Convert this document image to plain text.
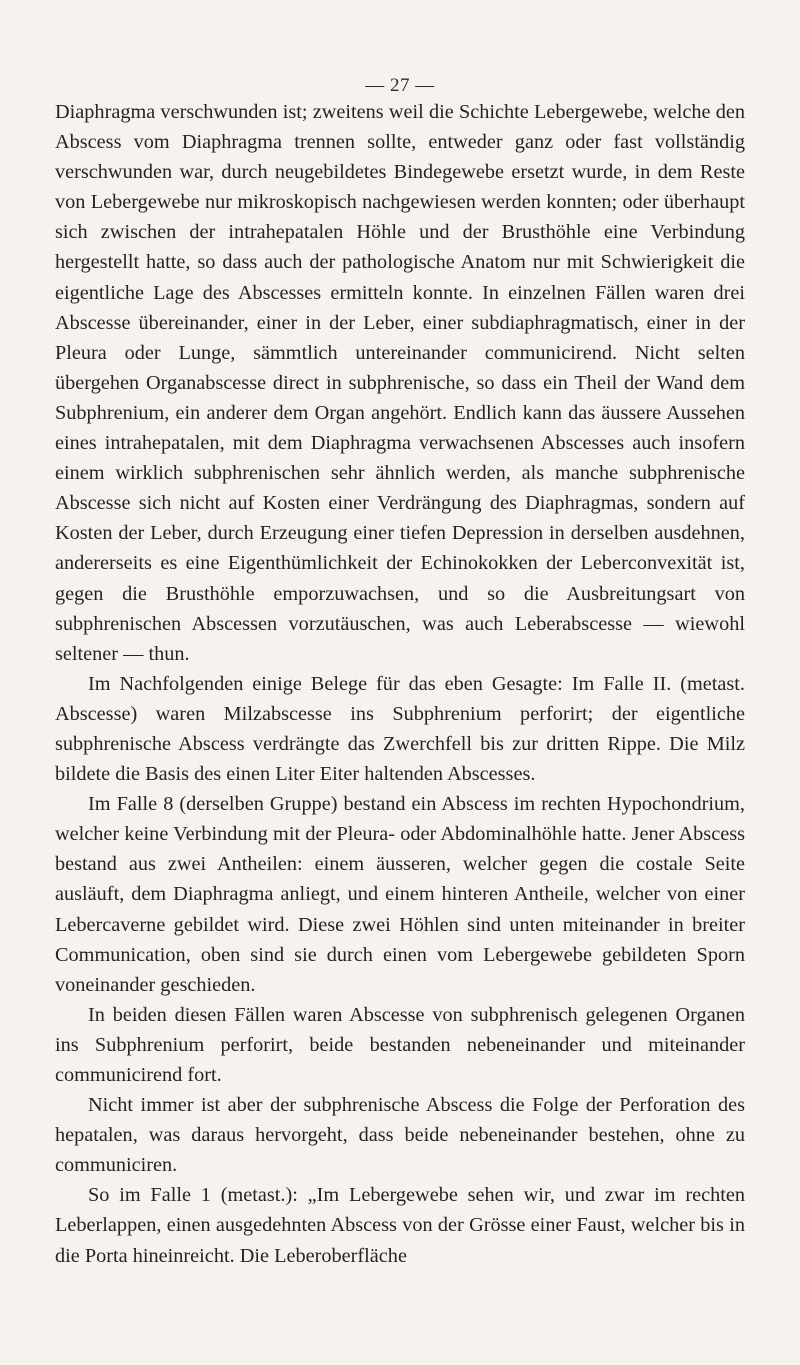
— 27 —

Diaphragma verschwunden ist; zweitens weil die Schichte Lebergewebe, welche den Abscess vom Diaphragma trennen sollte, entweder ganz oder fast vollständig verschwunden war, durch neugebildetes Bindegewebe ersetzt wurde, in dem Reste von Lebergewebe nur mikroskopisch nachgewiesen werden konnten; oder überhaupt sich zwischen der intrahepatalen Höhle und der Brusthöhle eine Verbindung hergestellt hatte, so dass auch der pathologische Anatom nur mit Schwierigkeit die eigentliche Lage des Abscesses ermitteln konnte. In einzelnen Fällen waren drei Abscesse übereinander, einer in der Leber, einer subdiaphragmatisch, einer in der Pleura oder Lunge, sämmtlich untereinander communicirend. Nicht selten übergehen Organabscesse direct in subphrenische, so dass ein Theil der Wand dem Subphrenium, ein anderer dem Organ angehört. Endlich kann das äussere Aussehen eines intrahepatalen, mit dem Diaphragma verwachsenen Abscesses auch insofern einem wirklich subphrenischen sehr ähnlich werden, als manche subphrenische Abscesse sich nicht auf Kosten einer Verdrängung des Diaphragmas, sondern auf Kosten der Leber, durch Erzeugung einer tiefen Depression in derselben ausdehnen, andererseits es eine Eigenthümlichkeit der Echinokokken der Leberconvexität ist, gegen die Brusthöhle emporzuwachsen, und so die Ausbreitungsart von subphrenischen Abscessen vorzutäuschen, was auch Leberabscesse — wiewohl seltener — thun.

Im Nachfolgenden einige Belege für das eben Gesagte: Im Falle II. (metast. Abscesse) waren Milzabscesse ins Subphrenium perforirt; der eigentliche subphrenische Abscess verdrängte das Zwerchfell bis zur dritten Rippe. Die Milz bildete die Basis des einen Liter Eiter haltenden Abscesses.

Im Falle 8 (derselben Gruppe) bestand ein Abscess im rechten Hypochondrium, welcher keine Verbindung mit der Pleura- oder Abdominalhöhle hatte. Jener Abscess bestand aus zwei Antheilen: einem äusseren, welcher gegen die costale Seite ausläuft, dem Diaphragma anliegt, und einem hinteren Antheile, welcher von einer Lebercaverne gebildet wird. Diese zwei Höhlen sind unten miteinander in breiter Communication, oben sind sie durch einen vom Lebergewebe gebildeten Sporn voneinander geschieden.

In beiden diesen Fällen waren Abscesse von subphrenisch gelegenen Organen ins Subphrenium perforirt, beide bestanden nebeneinander und miteinander communicirend fort.

Nicht immer ist aber der subphrenische Abscess die Folge der Perforation des hepatalen, was daraus hervorgeht, dass beide nebeneinander bestehen, ohne zu communiciren.

So im Falle 1 (metast.): „Im Lebergewebe sehen wir, und zwar im rechten Leberlappen, einen ausgedehnten Abscess von der Grösse einer Faust, welcher bis in die Porta hineinreicht. Die Leberoberfläche
